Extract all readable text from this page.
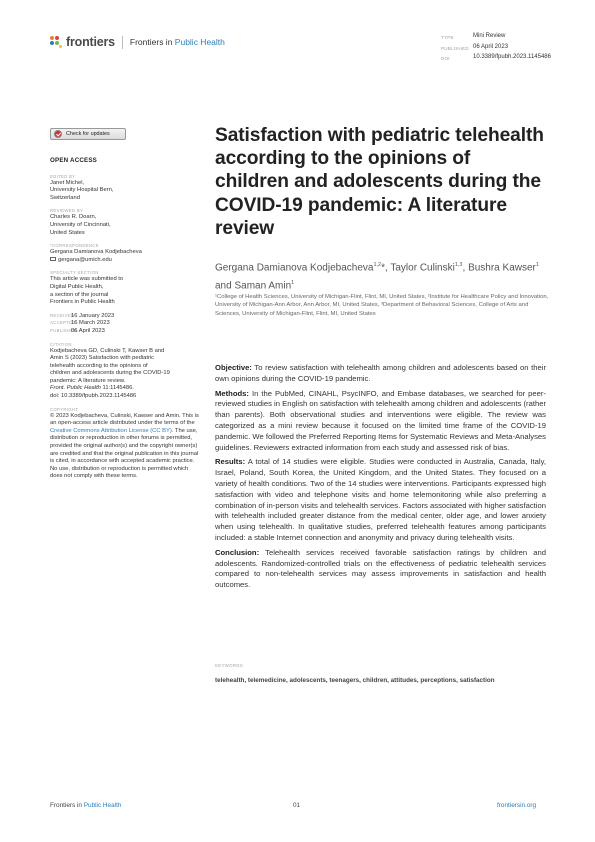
frontiers Frontiers in Public Health	TYPE	Mini Review
PUBLISHED 06 April 2023
DOI	10.3389/fpubh.2023.1145486
Check for updates
OPEN ACCESS
EDITED BY
Janet Michel,
University Hospital Bern,
Switzerland
REVIEWED BY
Charles R. Doarn,
University of Cincinnati,
United States
*CORRESPONDENCE
Gergana Damianova Kodjebacheva
gergana@umich.edu
SPECIALTY SECTION
This article was submitted to
Digital Public Health,
a section of the journal
Frontiers in Public Health
RECEIVED
16 January 2023
ACCEPTED
16 March 2023
PUBLISHED
06 April 2023
CITATION
Kodjebacheva GD, Culinski T, Kawser B and
Amin S (2023) Satisfaction with pediatric
telehealth according to the opinions of
children and adolescents during the COVID-19
pandemic: A literature review.
Front. Public Health 11:1145486.
doi: 10.3389/fpubh.2023.1145486
COPYRIGHT
© 2023 Kodjebacheva, Culinski, Kawser and Amin. This is an open-access article distributed under the terms of the Creative Commons Attribution License (CC BY). The use, distribution or reproduction in other forums is permitted, provided the original author(s) and the copyright owner(s) are credited and that the original publication in this journal is cited, in accordance with accepted academic practice. No use, distribution or reproduction is permitted which does not comply with these terms.
Satisfaction with pediatric telehealth according to the opinions of children and adolescents during the COVID-19 pandemic: A literature review
Gergana Damianova Kodjebacheva$^{1,2}$*, Taylor Culinski$^{1,3}$, Bushra Kawser$^1$ and Saman Amin$^1$
¹College of Health Sciences, University of Michigan-Flint, Flint, MI, United States, ²Institute for Healthcare Policy and Innovation, University of Michigan-Ann Arbor, Ann Arbor, MI, United States, ³Department of Behavioral Sciences, College of Arts and Sciences, University of Michigan-Flint, Flint, MI, United States

Objective: To review satisfaction with telehealth among children and adolescents based on their own opinions during the COVID-19 pandemic.

Methods: In the PubMed, CINAHL, PsycINFO, and Embase databases, we searched for peer-reviewed studies in English on satisfaction with telehealth among children and adolescents (rather than parents). Both observational studies and interventions were eligible. The review was categorized as a mini review because it focused on the limited time frame of the COVID-19 pandemic. We followed the Preferred Reporting Items for Systematic Reviews and Meta-Analyses guidelines. Reviewers extracted information from each study and assessed risk of bias.

Results: A total of 14 studies were eligible. Studies were conducted in Australia, Canada, Italy, Israel, Poland, South Korea, the United Kingdom, and the United States. They focused on a variety of health conditions. Two of the 14 studies were interventions. Participants expressed high satisfaction with video and telephone visits and home telemonitoring while also preferring a combination of in-person visits and telehealth services. Factors associated with higher satisfaction with telehealth included greater distance from the medical center, older age, and lower anxiety when using telehealth. In qualitative studies, preferred telehealth features among participants included: a stable Internet connection and anonymity and privacy during telehealth visits.

Conclusion: Telehealth services received favorable satisfaction ratings by children and adolescents. Randomized-controlled trials on the effectiveness of pediatric telehealth services compared to non-telehealth services may assess improvements in satisfaction and health outcomes.

KEYWORDS
telehealth, telemedicine, adolescents, teenagers, children, attitudes, perceptions, satisfaction
Frontiers in Public Health	01	frontiersin.org
